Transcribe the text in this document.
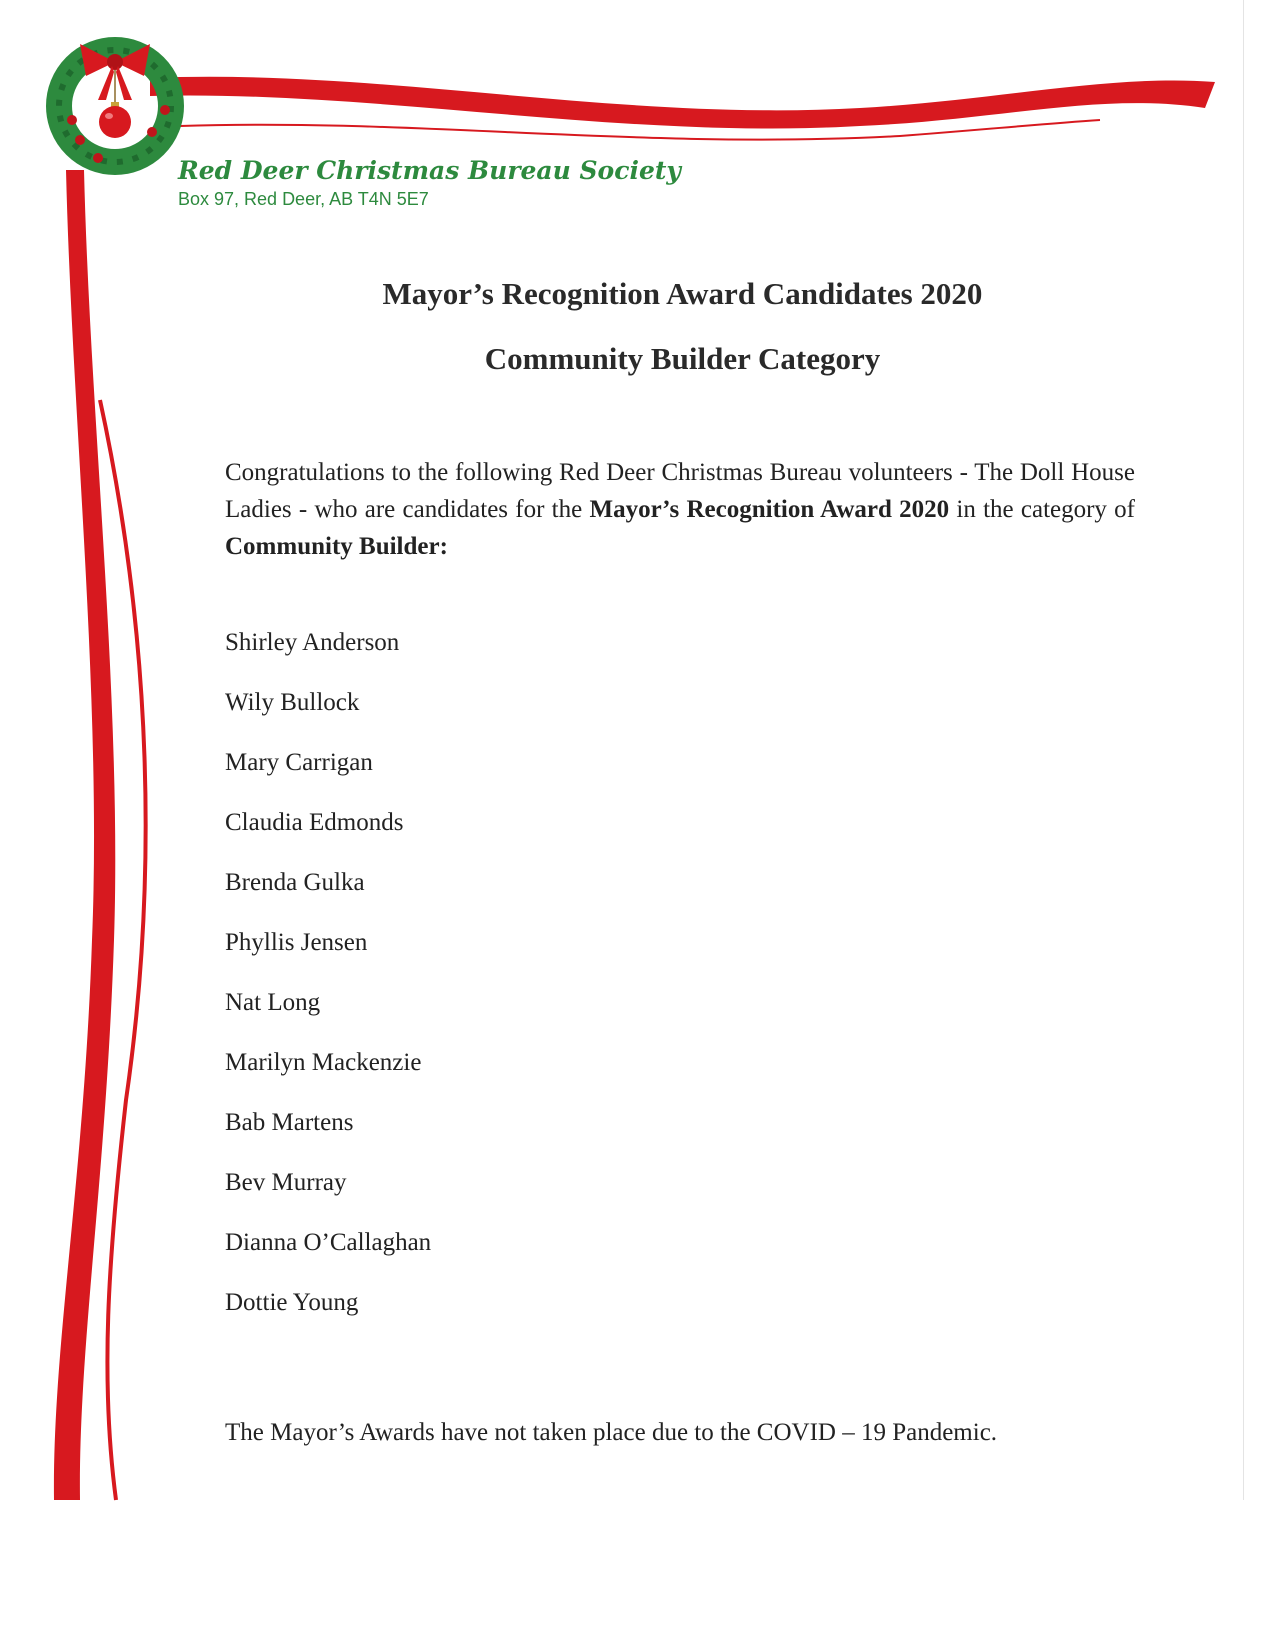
Red Deer Christmas Bureau Society
Box 97, Red Deer, AB T4N 5E7
Mayor’s Recognition Award Candidates 2020
Community Builder Category

Congratulations to the following Red Deer Christmas Bureau volunteers - The Doll House Ladies - who are candidates for the Mayor’s Recognition Award 2020 in the category of Community Builder:

Shirley Anderson
Wily Bullock
Mary Carrigan
Claudia Edmonds
Brenda Gulka
Phyllis Jensen
Nat Long
Marilyn Mackenzie
Bab Martens
Bev Murray
Dianna O’Callaghan
Dottie Young

The Mayor’s Awards have not taken place due to the COVID – 19 Pandemic.
